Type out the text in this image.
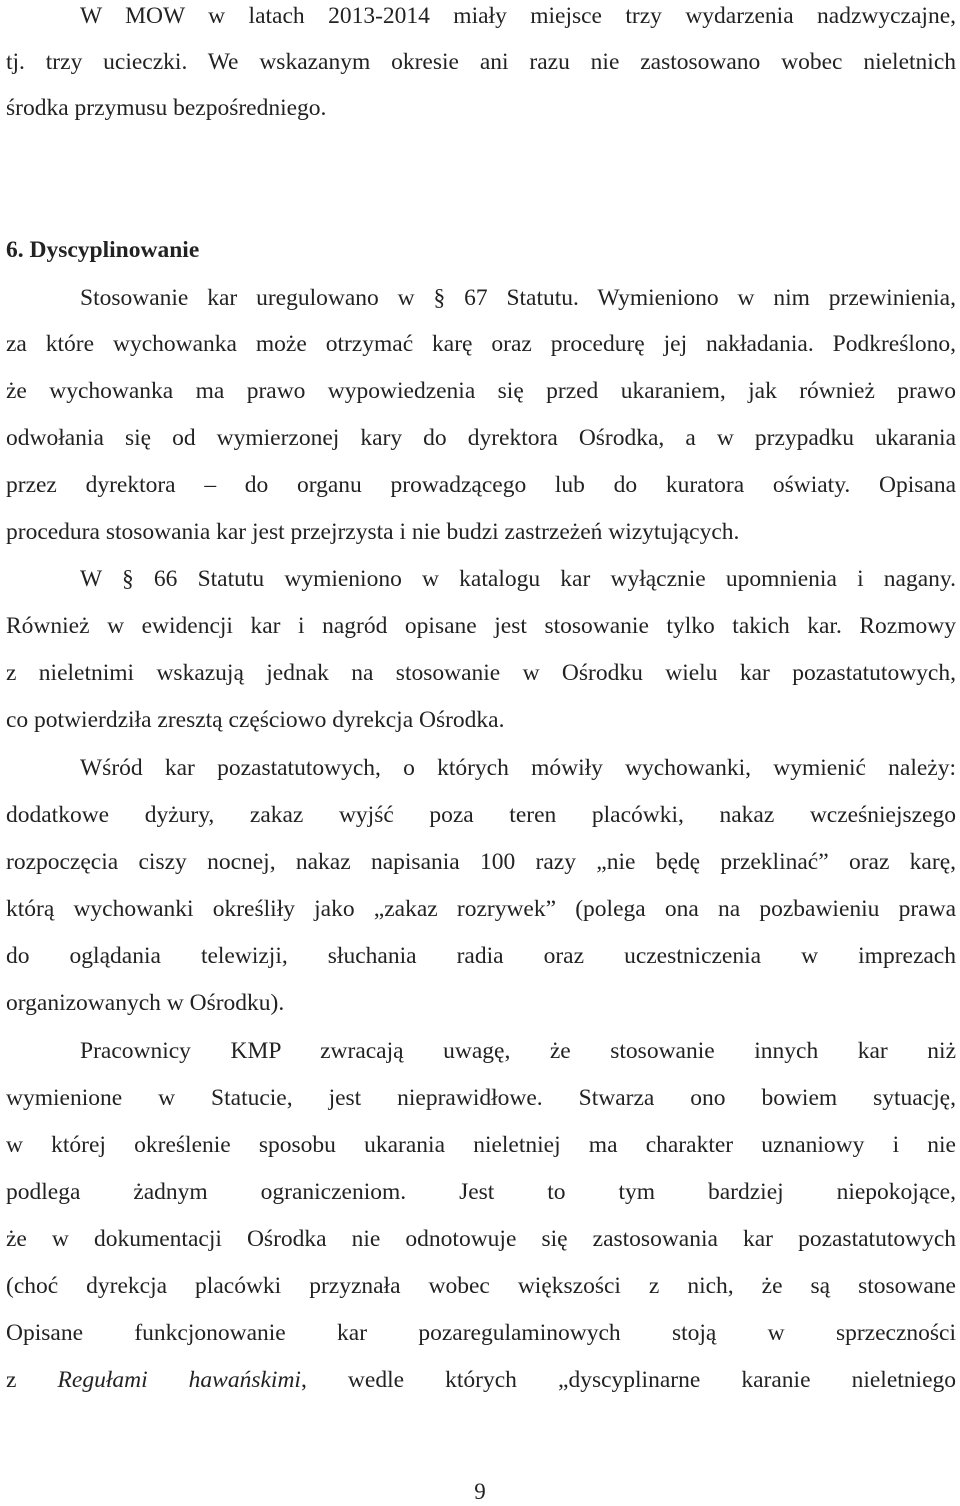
W MOW w latach 2013-2014 miały miejsce trzy wydarzenia nadzwyczajne,
tj. trzy ucieczki. We wskazanym okresie ani razu nie zastosowano wobec nieletnich
środka przymusu bezpośredniego.
6. Dyscyplinowanie
Stosowanie kar uregulowano w § 67 Statutu. Wymieniono w nim przewinienia,
za które wychowanka może otrzymać karę oraz procedurę jej nakładania. Podkreślono,
że wychowanka ma prawo wypowiedzenia się przed ukaraniem, jak również prawo
odwołania się od wymierzonej kary do dyrektora Ośrodka, a w przypadku ukarania
przez dyrektora – do organu prowadzącego lub do kuratora oświaty. Opisana
procedura stosowania kar jest przejrzysta i nie budzi zastrzeżeń wizytujących.
W § 66 Statutu wymieniono w katalogu kar wyłącznie upomnienia i nagany.
Również w ewidencji kar i nagród opisane jest stosowanie tylko takich kar. Rozmowy
z nieletnimi wskazują jednak na stosowanie w Ośrodku wielu kar pozastatutowych,
co potwierdziła zresztą częściowo dyrekcja Ośrodka.
Wśród kar pozastatutowych, o których mówiły wychowanki, wymienić należy:
dodatkowe dyżury, zakaz wyjść poza teren placówki, nakaz wcześniejszego
rozpoczęcia ciszy nocnej, nakaz napisania 100 razy „nie będę przeklinać” oraz karę,
którą wychowanki określiły jako „zakaz rozrywek” (polega ona na pozbawieniu prawa
do oglądania telewizji, słuchania radia oraz uczestniczenia w imprezach
organizowanych w Ośrodku).
Pracownicy KMP zwracają uwagę, że stosowanie innych kar niż
wymienione w Statucie, jest nieprawidłowe. Stwarza ono bowiem sytuację,
w której określenie sposobu ukarania nieletniej ma charakter uznaniowy i nie
podlega żadnym ograniczeniom. Jest to tym bardziej niepokojące,
że w dokumentacji Ośrodka nie odnotowuje się zastosowania kar pozastatutowych
(choć dyrekcja placówki przyznała wobec większości z nich, że są stosowane
Opisane funkcjonowanie kar pozaregulaminowych stoją w sprzeczności
z Regułami hawańskimi, wedle których „dyscyplinarne karanie nieletniego
9
